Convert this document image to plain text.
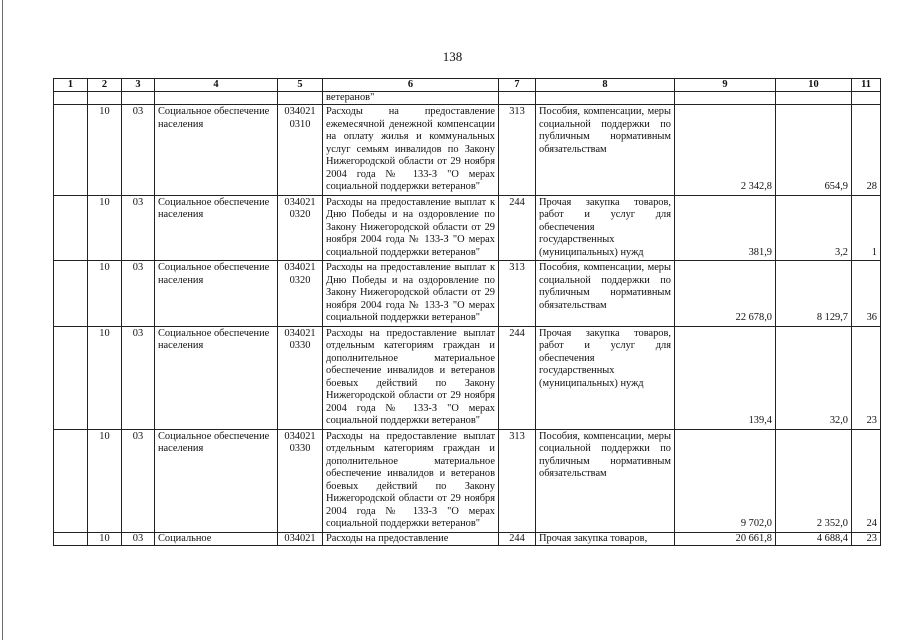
138
1	2	3	4	5	6	7	8	9	10	11
					ветеранов"					
	10	03	Социальное обеспечение населения	034021 0310	Расходы на предоставление ежемесячной денежной компенсации на оплату жилья и коммунальных услуг семьям инвалидов по Закону Нижегородской области от 29 ноября 2004 года № 133-З "О мерах социальной поддержки ветеранов"	313	Пособия, компенсации, меры социальной поддержки по публичным нормативным обязательствам	2 342,8	654,9	28
	10	03	Социальное обеспечение населения	034021 0320	Расходы на предоставление выплат к Дню Победы и на оздоровление по Закону Нижегородской области от 29 ноября 2004 года № 133-З "О мерах социальной поддержки ветеранов"	244	Прочая закупка товаров, работ и услуг для обеспечения государственных (муниципальных) нужд	381,9	3,2	1
	10	03	Социальное обеспечение населения	034021 0320	Расходы на предоставление выплат к Дню Победы и на оздоровление по Закону Нижегородской области от 29 ноября 2004 года № 133-З "О мерах социальной поддержки ветеранов"	313	Пособия, компенсации, меры социальной поддержки по публичным нормативным обязательствам	22 678,0	8 129,7	36
	10	03	Социальное обеспечение населения	034021 0330	Расходы на предоставление выплат отдельным категориям граждан и дополнительное материальное обеспечение инвалидов и ветеранов боевых действий по Закону Нижегородской области от 29 ноября 2004 года № 133-З "О мерах социальной поддержки ветеранов"	244	Прочая закупка товаров, работ и услуг для обеспечения государственных (муниципальных) нужд	139,4	32,0	23
	10	03	Социальное обеспечение населения	034021 0330	Расходы на предоставление выплат отдельным категориям граждан и дополнительное материальное обеспечение инвалидов и ветеранов боевых действий по Закону Нижегородской области от 29 ноября 2004 года № 133-З "О мерах социальной поддержки ветеранов"	313	Пособия, компенсации, меры социальной поддержки по публичным нормативным обязательствам	9 702,0	2 352,0	24
	10	03	Социальное	034021	Расходы на предоставление	244	Прочая закупка товаров,	20 661,8	4 688,4	23
